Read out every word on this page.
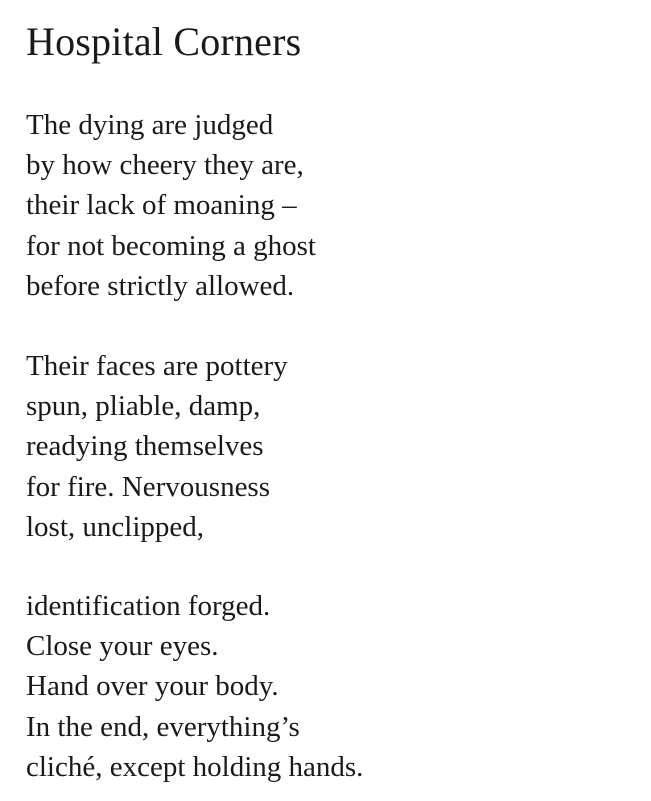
Hospital Corners
The dying are judged
by how cheery they are,
their lack of moaning –
for not becoming a ghost
before strictly allowed.
Their faces are pottery
spun, pliable, damp,
readying themselves
for fire. Nervousness
lost, unclipped,
identification forged.
Close your eyes.
Hand over your body.
In the end, everything’s
cliché, except holding hands.
